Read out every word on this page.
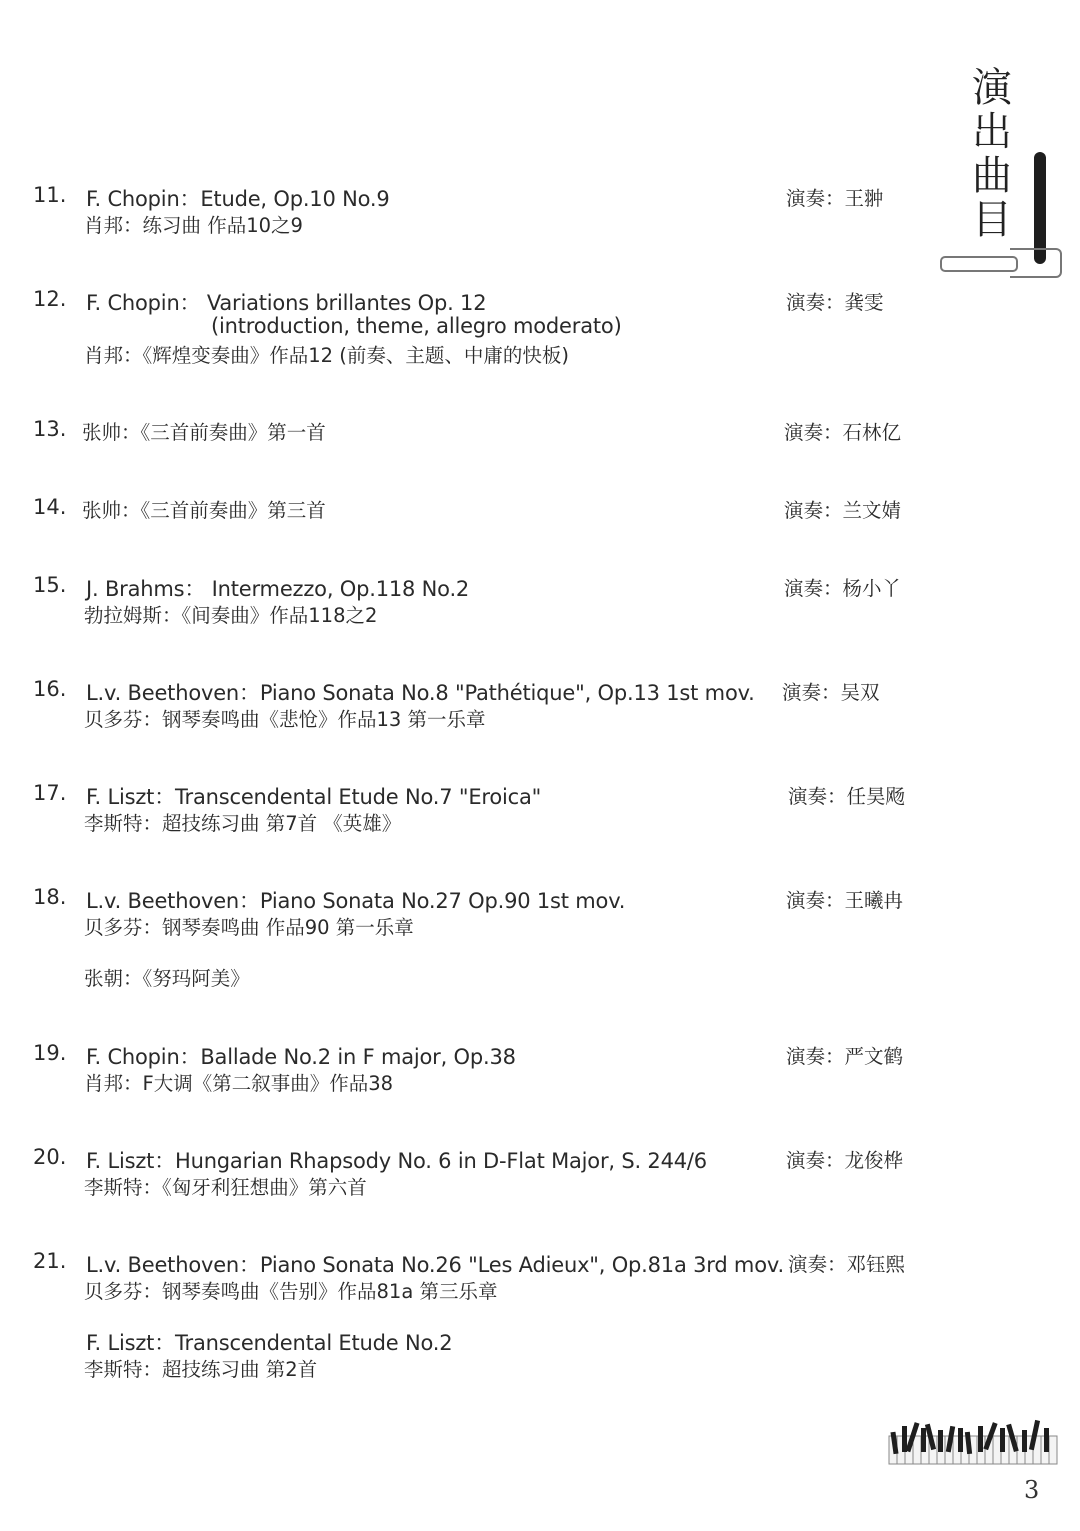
演
出
曲
目
11. F. Chopin：Etude, Op.10 No.9
肖邦：练习曲 作品10之9
演奏：王翀
12. F. Chopin： Variations brillantes Op. 12
(introduction, theme, allegro moderato)
肖邦：《辉煌变奏曲》作品12 (前奏、主题、中庸的快板)
演奏：龚雯
13. 张帅：《三首前奏曲》第一首	演奏：石林亿
14. 张帅：《三首前奏曲》第三首	演奏：兰文婧
15. J. Brahms： Intermezzo, Op.118 No.2
勃拉姆斯：《间奏曲》作品118之2
演奏：杨小丫
16. L.v. Beethoven：Piano Sonata No.8 "Pathétique", Op.13 1st mov.
贝多芬：钢琴奏鸣曲《悲怆》作品13 第一乐章
演奏：吴双
17. F. Liszt：Transcendental Etude No.7 "Eroica"
李斯特：超技练习曲 第7首 《英雄》
演奏：任昊飏
18. L.v. Beethoven：Piano Sonata No.27 Op.90 1st mov.
贝多芬：钢琴奏鸣曲 作品90 第一乐章
张朝：《努玛阿美》
演奏：王曦冉
19. F. Chopin：Ballade No.2 in F major, Op.38
肖邦：F大调《第二叙事曲》作品38
演奏：严文鹤
20. F. Liszt：Hungarian Rhapsody No. 6 in D-Flat Major, S. 244/6
李斯特：《匈牙利狂想曲》第六首
演奏：龙俊桦
21. L.v. Beethoven：Piano Sonata No.26 "Les Adieux", Op.81a 3rd mov.
贝多芬：钢琴奏鸣曲《告别》作品81a 第三乐章
F. Liszt：Transcendental Etude No.2
李斯特：超技练习曲 第2首
演奏：邓钰熙
3
